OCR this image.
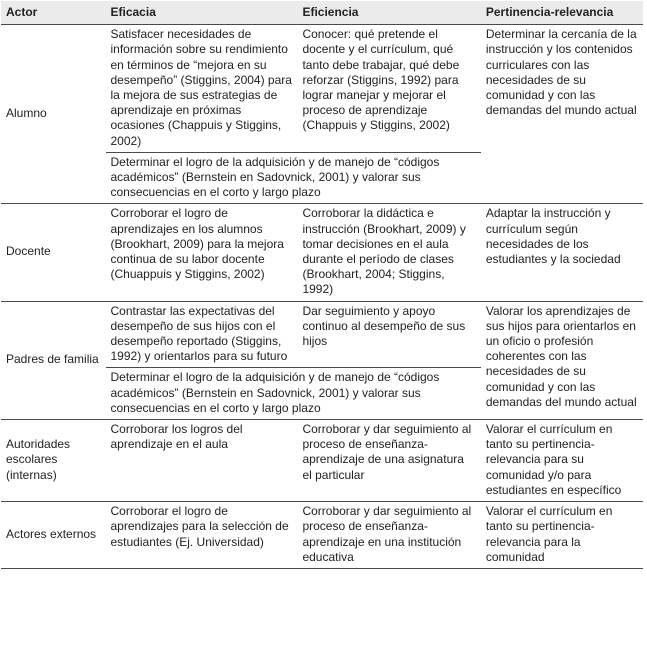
Actor	Eficacia	Eficiencia	Pertinencia-relevancia
Alumno	Satisfacer necesidades de información sobre su rendimiento en términos de “mejora en su desempeño” (Stiggins, 2004) para la mejora de sus estrategias de aprendizaje en próximas ocasiones (Chappuis y Stiggins, 2002)	Conocer: qué pretende el docente y el currículum, qué tanto debe trabajar, qué debe reforzar (Stiggins, 1992) para lograr manejar y mejorar el proceso de aprendizaje (Chappuis y Stiggins, 2002)	Determinar la cercanía de la instrucción y los contenidos curriculares con las necesidades de su comunidad y con las demandas del mundo actual
	Determinar el logro de la adquisición y de manejo de “códigos académicos” (Bernstein en Sadovnick, 2001) y valorar sus consecuencias en el corto y largo plazo		
Docente	Corroborar el logro de aprendizajes en los alumnos (Brookhart, 2009) para la mejora continua de su labor docente (Chuappuis y Stiggins, 2002)	Corroborar la didáctica e instrucción (Brookhart, 2009) y tomar decisiones en el aula durante el período de clases (Brookhart, 2004; Stiggins, 1992)	Adaptar la instrucción y currículum según necesidades de los estudiantes y la sociedad
Padres de familia	Contrastar las expectativas del desempeño de sus hijos con el desempeño reportado (Stiggins, 1992) y orientarlos para su futuro	Dar seguimiento y apoyo continuo al desempeño de sus hijos	Valorar los aprendizajes de sus hijos para orientarlos en un oficio o profesión coherentes con las necesidades de su comunidad y con las demandas del mundo actual
	Determinar el logro de la adquisición y de manejo de “códigos académicos” (Bernstein en Sadovnick, 2001) y valorar sus consecuencias en el corto y largo plazo		
Autoridades escolares (internas)	Corroborar los logros del aprendizaje en el aula	Corroborar y dar seguimiento al proceso de enseñanza-aprendizaje de una asignatura el particular	Valorar el currículum en tanto su pertinencia-relevancia para su comunidad y/o para estudiantes en específico
Actores externos	Corroborar el logro de aprendizajes para la selección de estudiantes (Ej. Universidad)	Corroborar y dar seguimiento al proceso de enseñanza-aprendizaje en una institución educativa	Valorar el currículum en tanto su pertinencia-relevancia para la comunidad
